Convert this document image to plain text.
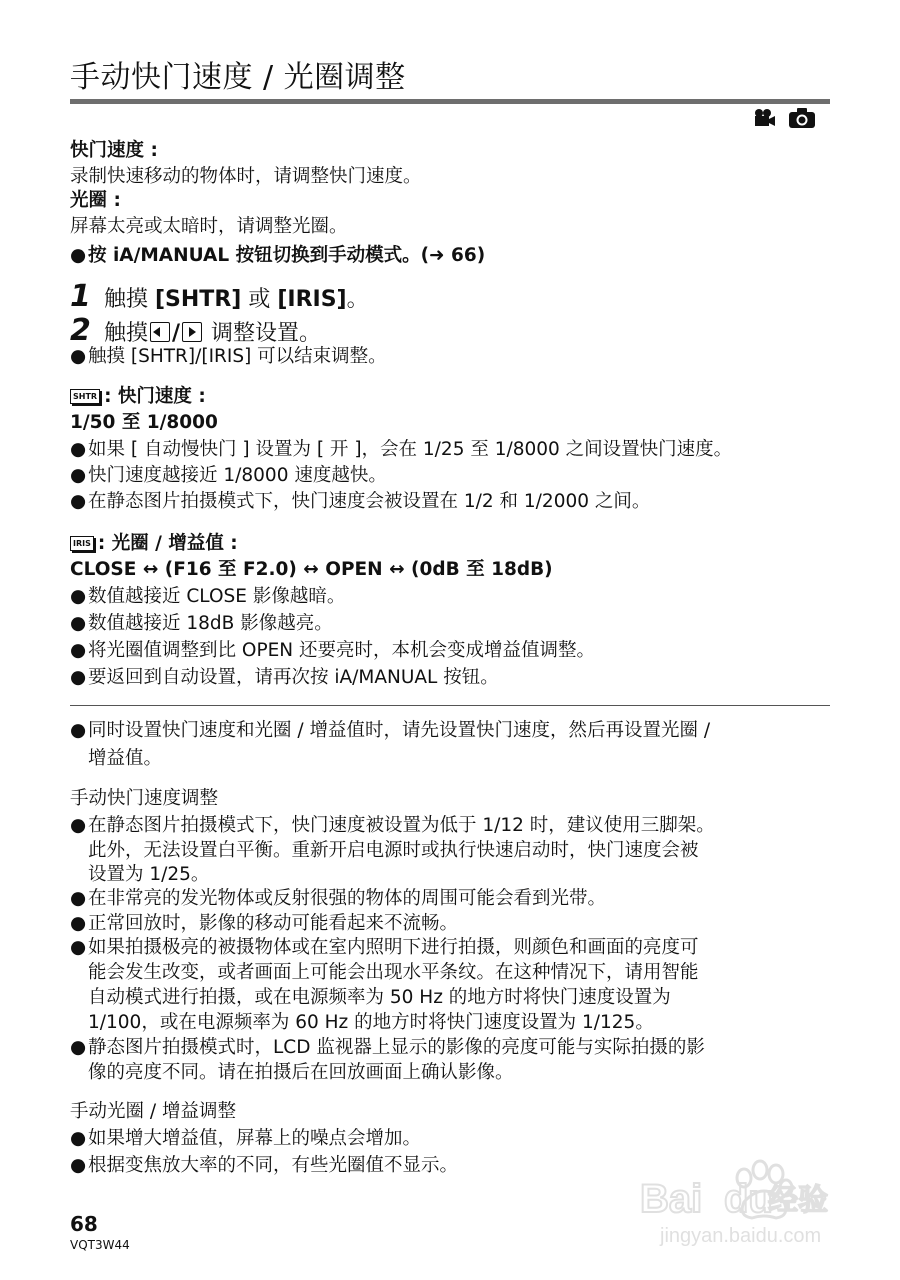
手动快门速度 / 光圈调整
快门速度 :
录制快速移动的物体时，请调整快门速度。
光圈 :
屏幕太亮或太暗时，请调整光圈。
●按 iA/MANUAL 按钮切换到手动模式。(➜ 66)
1 触摸 [SHTR] 或 [IRIS]。
2 触摸 / 调整设置。
●触摸 [SHTR]/[IRIS] 可以结束调整。
SHTR : 快门速度 :
1/50 至 1/8000
●如果 [ 自动慢快门 ] 设置为 [ 开 ]，会在 1/25 至 1/8000 之间设置快门速度。
●快门速度越接近 1/8000 速度越快。
●在静态图片拍摄模式下，快门速度会被设置在 1/2 和 1/2000 之间。
IRIS : 光圈 / 增益值 :
CLOSE ↔ (F16 至 F2.0) ↔ OPEN ↔ (0dB 至 18dB)
●数值越接近 CLOSE 影像越暗。
●数值越接近 18dB 影像越亮。
●将光圈值调整到比 OPEN 还要亮时，本机会变成增益值调整。
●要返回到自动设置，请再次按 iA/MANUAL 按钮。
●同时设置快门速度和光圈 / 增益值时，请先设置快门速度，然后再设置光圈 /
增益值。
手动快门速度调整
●在静态图片拍摄模式下，快门速度被设置为低于 1/12 时，建议使用三脚架。
此外，无法设置白平衡。重新开启电源时或执行快速启动时，快门速度会被
设置为 1/25。
●在非常亮的发光物体或反射很强的物体的周围可能会看到光带。
●正常回放时，影像的移动可能看起来不流畅。
●如果拍摄极亮的被摄物体或在室内照明下进行拍摄，则颜色和画面的亮度可
能会发生改变，或者画面上可能会出现水平条纹。在这种情况下，请用智能
自动模式进行拍摄，或在电源频率为 50 Hz 的地方时将快门速度设置为
1/100，或在电源频率为 60 Hz 的地方时将快门速度设置为 1/125。
●静态图片拍摄模式时，LCD 监视器上显示的影像的亮度可能与实际拍摄的影
像的亮度不同。请在拍摄后在回放画面上确认影像。
手动光圈 / 增益调整
●如果增大增益值，屏幕上的噪点会增加。
●根据变焦放大率的不同，有些光圈值不显示。
68
VQT3W44
Bai du
经验
jingyan.baidu.com
